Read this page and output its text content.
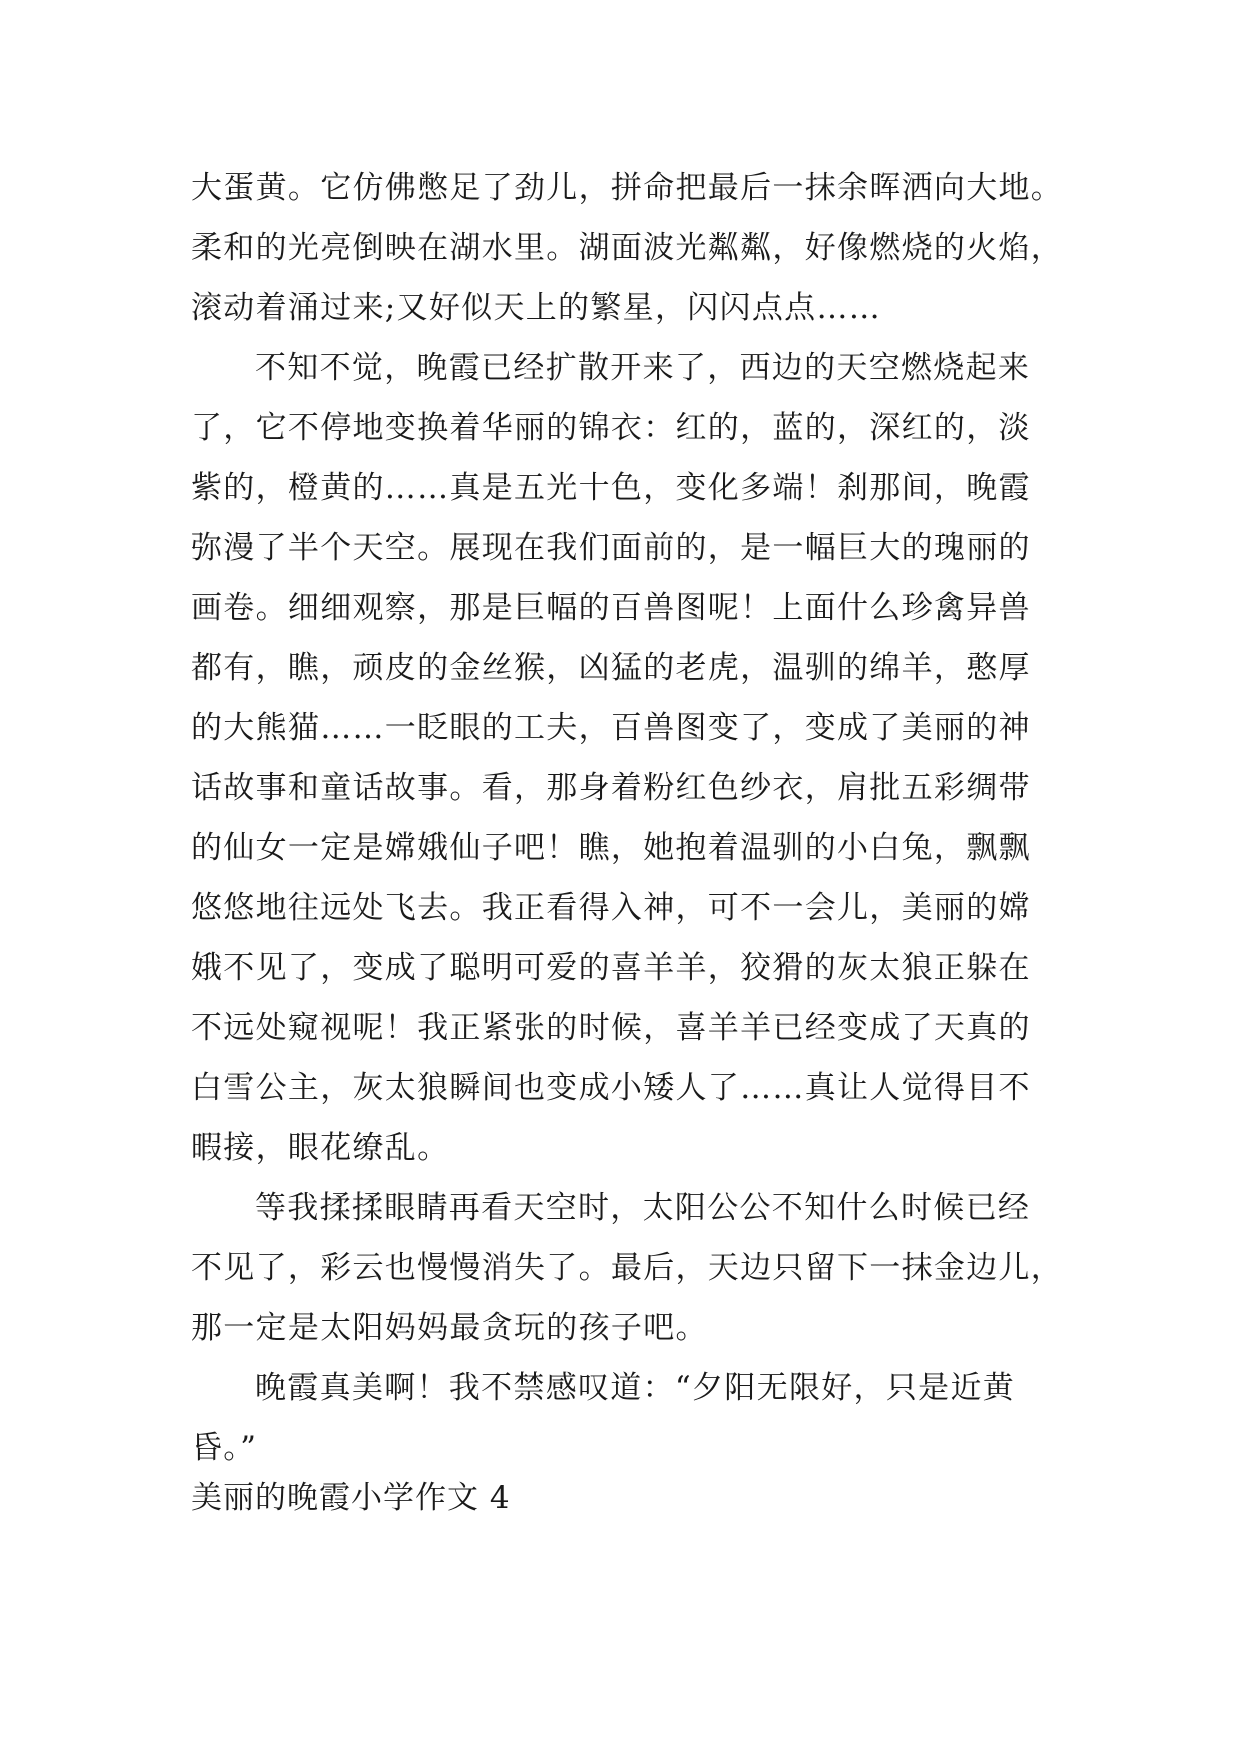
大蛋黄。它仿佛憋足了劲儿，拼命把最后一抹余晖洒向大地。
柔和的光亮倒映在湖水里。湖面波光粼粼，好像燃烧的火焰，
滚动着涌过来;又好似天上的繁星，闪闪点点……
不知不觉，晚霞已经扩散开来了，西边的天空燃烧起来
了，它不停地变换着华丽的锦衣：红的，蓝的，深红的，淡
紫的，橙黄的……真是五光十色，变化多端！刹那间，晚霞
弥漫了半个天空。展现在我们面前的，是一幅巨大的瑰丽的
画卷。细细观察，那是巨幅的百兽图呢！上面什么珍禽异兽
都有，瞧，顽皮的金丝猴，凶猛的老虎，温驯的绵羊，憨厚
的大熊猫……一眨眼的工夫，百兽图变了，变成了美丽的神
话故事和童话故事。看，那身着粉红色纱衣，肩批五彩绸带
的仙女一定是嫦娥仙子吧！瞧，她抱着温驯的小白兔，飘飘
悠悠地往远处飞去。我正看得入神，可不一会儿，美丽的嫦
娥不见了，变成了聪明可爱的喜羊羊，狡猾的灰太狼正躲在
不远处窥视呢！我正紧张的时候，喜羊羊已经变成了天真的
白雪公主，灰太狼瞬间也变成小矮人了……真让人觉得目不
暇接，眼花缭乱。
等我揉揉眼睛再看天空时，太阳公公不知什么时候已经
不见了，彩云也慢慢消失了。最后，天边只留下一抹金边儿，
那一定是太阳妈妈最贪玩的孩子吧。
晚霞真美啊！我不禁感叹道：“夕阳无限好，只是近黄
昏。”
美丽的晚霞小学作文 4
